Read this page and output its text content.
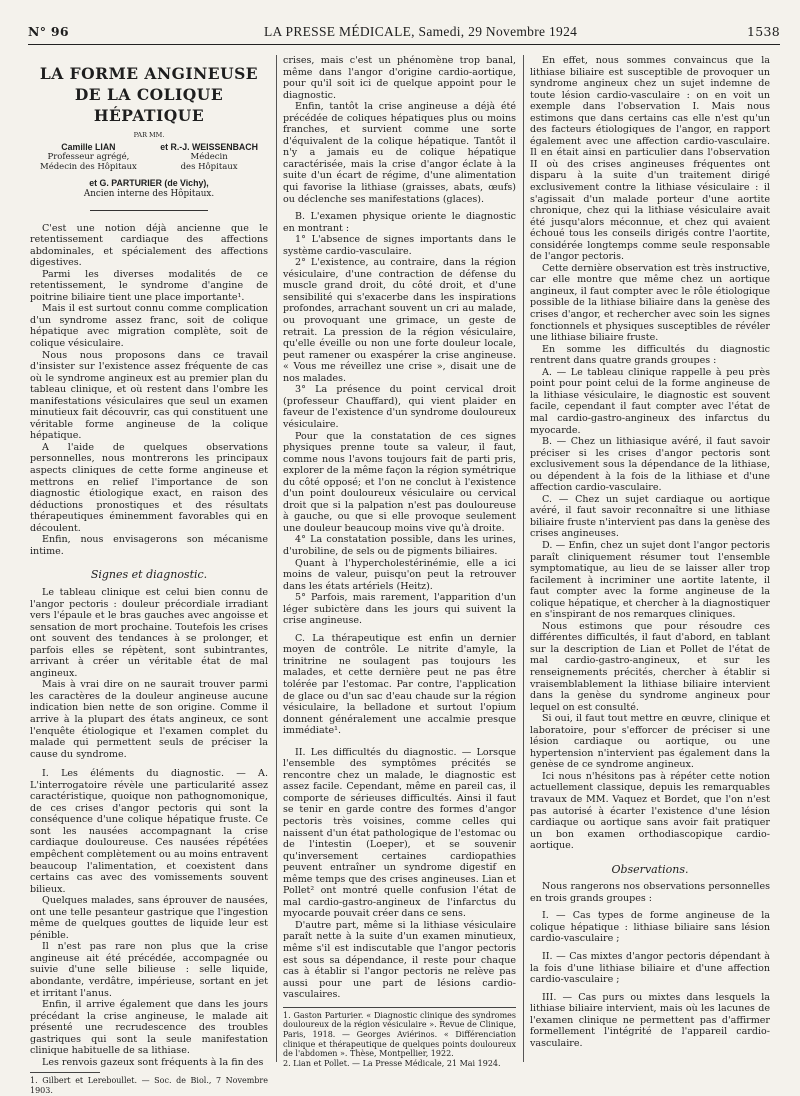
N° 96	LA PRESSE MÉDICALE, Samedi, 29 Novembre 1924	1538
LA FORME ANGINEUSE
DE LA COLIQUE HÉPATIQUE
PAR MM.
Camille LIAN
Professeur agrégé,
Médecin des Hôpitaux
et R.-J. WEISSENBACH
Médecin
des Hôpitaux
et G. PARTURIER (de Vichy),
Ancien interne des Hôpitaux.

C'est une notion déjà ancienne que le retentissement cardiaque des affections abdominales, et spécialement des affections digestives.

Parmi les diverses modalités de ce retentissement, le syndrome d'angine de poitrine biliaire tient une place importante¹.

Mais il est surtout connu comme complication d'un syndrome assez franc, soit de colique hépatique avec migration complète, soit de colique vésiculaire.

Nous nous proposons dans ce travail d'insister sur l'existence assez fréquente de cas où le syndrome angineux est au premier plan du tableau clinique, et où restent dans l'ombre les manifestations vésiculaires que seul un examen minutieux fait découvrir, cas qui constituent une véritable forme angineuse de la colique hépatique.

A l'aide de quelques observations personnelles, nous montrerons les principaux aspects cliniques de cette forme angineuse et mettrons en relief l'importance de son diagnostic étiologique exact, en raison des déductions pronostiques et des résultats thérapeutiques éminemment favorables qui en découlent.

Enfin, nous envisagerons son mécanisme intime.

Signes et diagnostic.

Le tableau clinique est celui bien connu de l'angor pectoris : douleur précordiale irradiant vers l'épaule et le bras gauches avec angoisse et sensation de mort prochaine. Toutefois les crises ont souvent des tendances à se prolonger, et parfois elles se répètent, sont subintrantes, arrivant à créer un véritable état de mal angineux.

Mais à vrai dire on ne saurait trouver parmi les caractères de la douleur angineuse aucune indication bien nette de son origine. Comme il arrive à la plupart des états angineux, ce sont l'enquête étiologique et l'examen complet du malade qui permettent seuls de préciser la cause du syndrome.

I. Les éléments du diagnostic. — A. L'interrogatoire révèle une particularité assez caractéristique, quoique non pathognomonique, de ces crises d'angor pectoris qui sont la conséquence d'une colique hépatique fruste. Ce sont les nausées accompagnant la crise cardiaque douloureuse. Ces nausées répétées empêchent complètement ou au moins entravent beaucoup l'alimentation, et coexistent dans certains cas avec des vomissements souvent bilieux.

Quelques malades, sans éprouver de nausées, ont une telle pesanteur gastrique que l'ingestion même de quelques gouttes de liquide leur est pénible.

Il n'est pas rare non plus que la crise angineuse ait été précédée, accompagnée ou suivie d'une selle bilieuse : selle liquide, abondante, verdâtre, impérieuse, sortant en jet et irritant l'anus.

Enfin, il arrive également que dans les jours précédant la crise angineuse, le malade ait présenté une recrudescence des troubles gastriques qui sont la seule manifestation clinique habituelle de sa lithiase.

Les renvois gazeux sont fréquents à la fin des

1. Gilbert et Lereboullet. — Soc. de Biol., 7 Novembre 1903.

crises, mais c'est un phénomène trop banal, même dans l'angor d'origine cardio-aortique, pour qu'il soit ici de quelque appoint pour le diagnostic.

Enfin, tantôt la crise angineuse a déjà été précédée de coliques hépatiques plus ou moins franches, et survient comme une sorte d'équivalent de la colique hépatique. Tantôt il n'y a jamais eu de colique hépatique caractérisée, mais la crise d'angor éclate à la suite d'un écart de régime, d'une alimentation qui favorise la lithiase (graisses, abats, œufs) ou déclenche ses manifestations (glaces).

B. L'examen physique oriente le diagnostic en montrant :

1° L'absence de signes importants dans le système cardio-vasculaire.

2° L'existence, au contraire, dans la région vésiculaire, d'une contraction de défense du muscle grand droit, du côté droit, et d'une sensibilité qui s'exacerbe dans les inspirations profondes, arrachant souvent un cri au malade, ou provoquant une grimace, un geste de retrait. La pression de la région vésiculaire, qu'elle éveille ou non une forte douleur locale, peut ramener ou exaspérer la crise angineuse. « Vous me réveillez une crise », disait une de nos malades.

3° La présence du point cervical droit (professeur Chauffard), qui vient plaider en faveur de l'existence d'un syndrome douloureux vésiculaire.

Pour que la constatation de ces signes physiques prenne toute sa valeur, il faut, comme nous l'avons toujours fait de parti pris, explorer de la même façon la région symétrique du côté opposé; et l'on ne conclut à l'existence d'un point douloureux vésiculaire ou cervical droit que si la palpation n'est pas douloureuse à gauche, ou que si elle provoque seulement une douleur beaucoup moins vive qu'à droite.

4° La constatation possible, dans les urines, d'urobiline, de sels ou de pigments biliaires.

Quant à l'hypercholestérinémie, elle a ici moins de valeur, puisqu'on peut la retrouver dans les états artériels (Heitz).

5° Parfois, mais rarement, l'apparition d'un léger subictère dans les jours qui suivent la crise angineuse.

C. La thérapeutique est enfin un dernier moyen de contrôle. Le nitrite d'amyle, la trinitrine ne soulagent pas toujours les malades, et cette dernière peut ne pas être tolérée par l'estomac. Par contre, l'application de glace ou d'un sac d'eau chaude sur la région vésiculaire, la belladone et surtout l'opium donnent généralement une accalmie presque immédiate¹.

II. Les difficultés du diagnostic. — Lorsque l'ensemble des symptômes précités se rencontre chez un malade, le diagnostic est assez facile. Cependant, même en pareil cas, il comporte de sérieuses difficultés. Ainsi il faut se tenir en garde contre des formes d'angor pectoris très voisines, comme celles qui naissent d'un état pathologique de l'estomac ou de l'intestin (Loeper), et se souvenir qu'inversement certaines cardiopathies peuvent entraîner un syndrome digestif en même temps que des crises angineuses. Lian et Pollet² ont montré quelle confusion l'état de mal cardio-gastro-angineux de l'infarctus du myocarde pouvait créer dans ce sens.

D'autre part, même si la lithiase vésiculaire paraît nette à la suite d'un examen minutieux, même s'il est indiscutable que l'angor pectoris est sous sa dépendance, il reste pour chaque cas à établir si l'angor pectoris ne relève pas aussi pour une part de lésions cardio-vasculaires.

1. Gaston Parturier. « Diagnostic clinique des syndromes douloureux de la région vésiculaire ». Revue de Clinique, Paris, 1918. — Georges Aviérinos. « Différenciation clinique et thérapeutique de quelques points douloureux de l'abdomen ». Thèse, Montpellier, 1922.

2. Lian et Pollet. — La Presse Médicale, 21 Mai 1924.

En effet, nous sommes convaincus que la lithiase biliaire est susceptible de provoquer un syndrome angineux chez un sujet indemne de toute lésion cardio-vasculaire : on en voit un exemple dans l'observation I. Mais nous estimons que dans certains cas elle n'est qu'un des facteurs étiologiques de l'angor, en rapport également avec une affection cardio-vasculaire. Il en était ainsi en particulier dans l'observation II où des crises angineuses fréquentes ont disparu à la suite d'un traitement dirigé exclusivement contre la lithiase vésiculaire : il s'agissait d'un malade porteur d'une aortite chronique, chez qui la lithiase vésiculaire avait été jusqu'alors méconnue, et chez qui avaient échoué tous les conseils dirigés contre l'aortite, considérée longtemps comme seule responsable de l'angor pectoris.

Cette dernière observation est très instructive, car elle montre que même chez un aortique angineux, il faut compter avec le rôle étiologique possible de la lithiase biliaire dans la genèse des crises d'angor, et rechercher avec soin les signes fonctionnels et physiques susceptibles de révéler une lithiase biliaire fruste.

En somme les difficultés du diagnostic rentrent dans quatre grands groupes :

A. — Le tableau clinique rappelle à peu près point pour point celui de la forme angineuse de la lithiase vésiculaire, le diagnostic est souvent facile, cependant il faut compter avec l'état de mal cardio-gastro-angineux des infarctus du myocarde.

B. — Chez un lithiasique avéré, il faut savoir préciser si les crises d'angor pectoris sont exclusivement sous la dépendance de la lithiase, ou dépendent à la fois de la lithiase et d'une affection cardio-vasculaire.

C. — Chez un sujet cardiaque ou aortique avéré, il faut savoir reconnaître si une lithiase biliaire fruste n'intervient pas dans la genèse des crises angineuses.

D. — Enfin, chez un sujet dont l'angor pectoris paraît cliniquement résumer tout l'ensemble symptomatique, au lieu de se laisser aller trop facilement à incriminer une aortite latente, il faut compter avec la forme angineuse de la colique hépatique, et chercher à la diagnostiquer en s'inspirant de nos remarques cliniques.

Nous estimons que pour résoudre ces différentes difficultés, il faut d'abord, en tablant sur la description de Lian et Pollet de l'état de mal cardio-gastro-angineux, et sur les renseignements précités, chercher à établir si vraisemblablement la lithiase biliaire intervient dans la genèse du syndrome angineux pour lequel on est consulté.

Si oui, il faut tout mettre en œuvre, clinique et laboratoire, pour s'efforcer de préciser si une lésion cardiaque ou aortique, ou une hypertension n'intervient pas également dans la genèse de ce syndrome angineux.

Ici nous n'hésitons pas à répéter cette notion actuellement classique, depuis les remarquables travaux de MM. Vaquez et Bordet, que l'on n'est pas autorisé à écarter l'existence d'une lésion cardiaque ou aortique sans avoir fait pratiquer un bon examen orthodiascopique cardio-aortique.

Observations.

Nous rangerons nos observations personnelles en trois grands groupes :

I. — Cas types de forme angineuse de la colique hépatique : lithiase biliaire sans lésion cardio-vasculaire ;

II. — Cas mixtes d'angor pectoris dépendant à la fois d'une lithiase biliaire et d'une affection cardio-vasculaire ;

III. — Cas purs ou mixtes dans lesquels la lithiase biliaire intervient, mais où les lacunes de l'examen clinique ne permettent pas d'affirmer formellement l'intégrité de l'appareil cardio-vasculaire.
